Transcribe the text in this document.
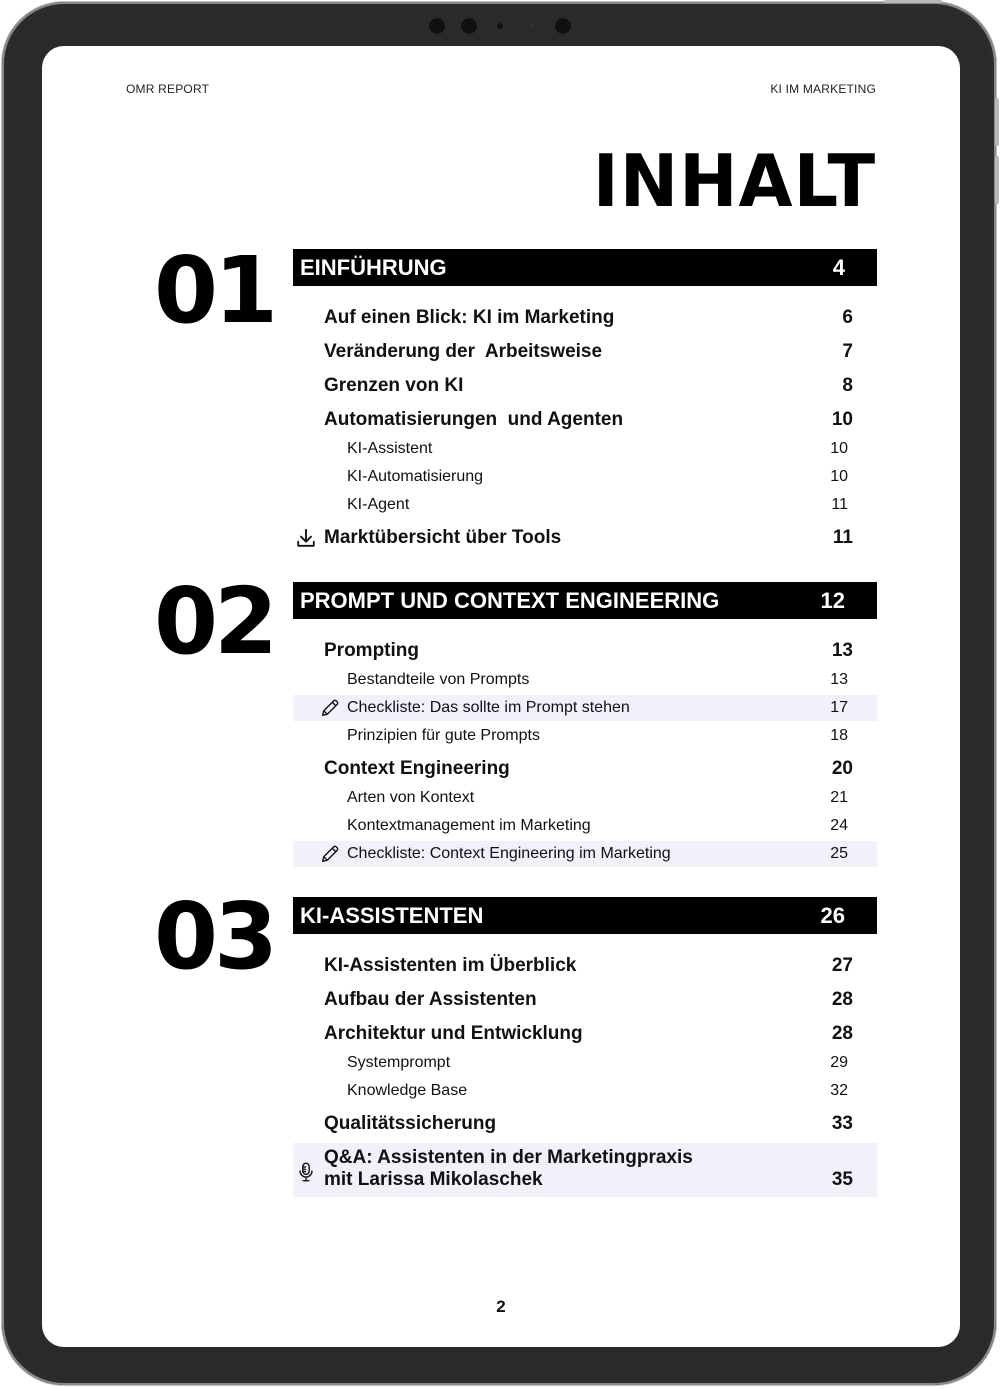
OMR REPORT	KI IM MARKETING
INHALT
01 EINFÜHRUNG	4
Auf einen Blick: KI im Marketing	6
Veränderung der  Arbeitsweise	7
Grenzen von KI	8
Automatisierungen  und Agenten	10
KI-Assistent	10
KI-Automatisierung	10
KI-Agent	11
Marktübersicht über Tools	11
02 PROMPT UND CONTEXT ENGINEERING	12
Prompting	13
Bestandteile von Prompts	13
Checkliste: Das sollte im Prompt stehen	17
Prinzipien für gute Prompts	18
Context Engineering	20
Arten von Kontext	21
Kontextmanagement im Marketing	24
Checkliste: Context Engineering im Marketing	25
03 KI-ASSISTENTEN	26
KI-Assistenten im Überblick	27
Aufbau der Assistenten	28
Architektur und Entwicklung	28
Systemprompt	29
Knowledge Base	32
Qualitätssicherung	33
Q&A: Assistenten in der Marketingpraxis
mit Larissa Mikolaschek	35
2
